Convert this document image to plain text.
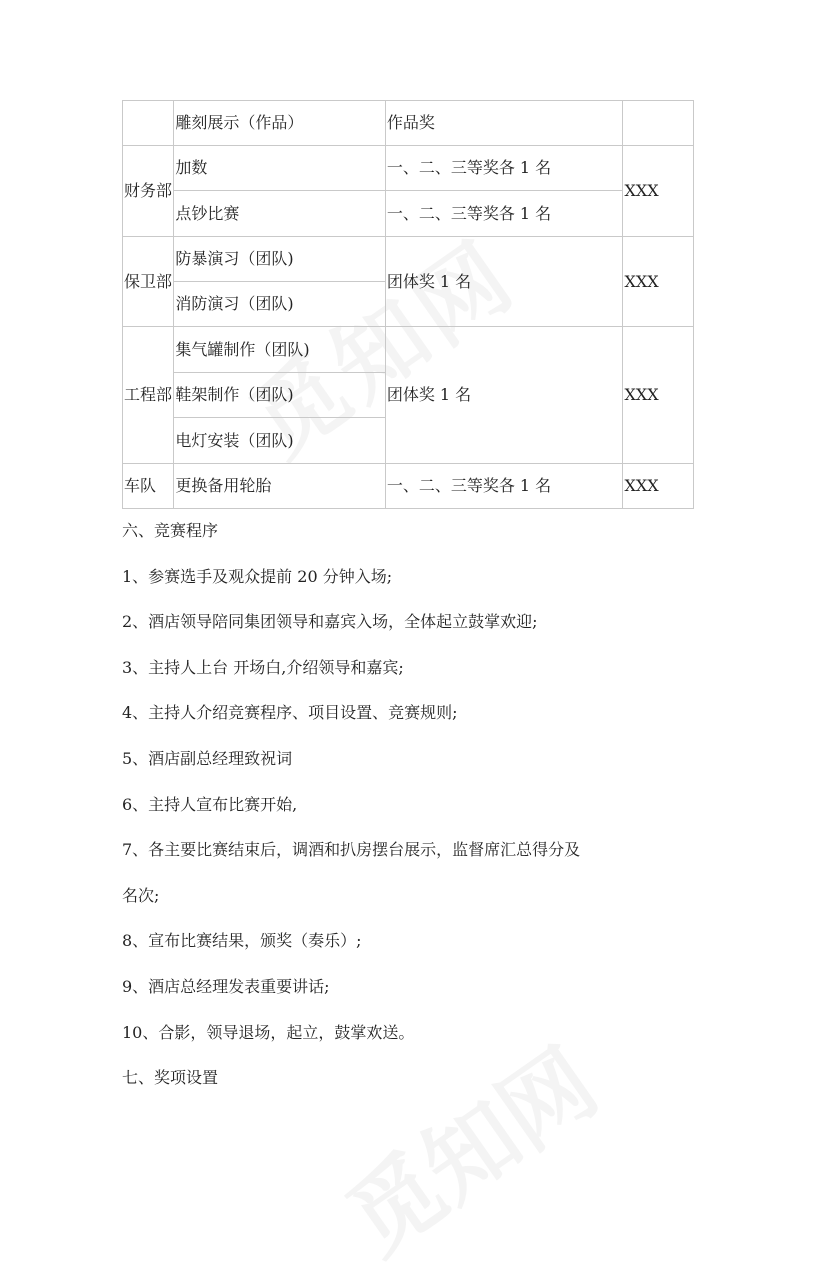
	雕刻展示（作品）	作品奖	
财务部	加数	一、二、三等奖各 1 名	XXX
	点钞比赛	一、二、三等奖各 1 名	
保卫部	防暴演习（团队)	团体奖 1 名	XXX
	消防演习（团队)		
工程部	集气罐制作（团队)	团体奖 1 名	XXX
	鞋架制作（团队)		
	电灯安装（团队)		
车队	更换备用轮胎	一、二、三等奖各 1 名	XXX

六、竞赛程序

1、参赛选手及观众提前 20 分钟入场;

2、酒店领导陪同集团领导和嘉宾入场，全体起立鼓掌欢迎;

3、主持人上台 开场白,介绍领导和嘉宾;

4、主持人介绍竞赛程序、项目设置、竞赛规则;

5、酒店副总经理致祝词

6、主持人宣布比赛开始,

7、各主要比赛结束后，调酒和扒房摆台展示，监督席汇总得分及

名次;

8、宣布比赛结果，颁奖（奏乐）;

9、酒店总经理发表重要讲话;

10、合影，领导退场，起立，鼓掌欢送。

七、奖项设置
